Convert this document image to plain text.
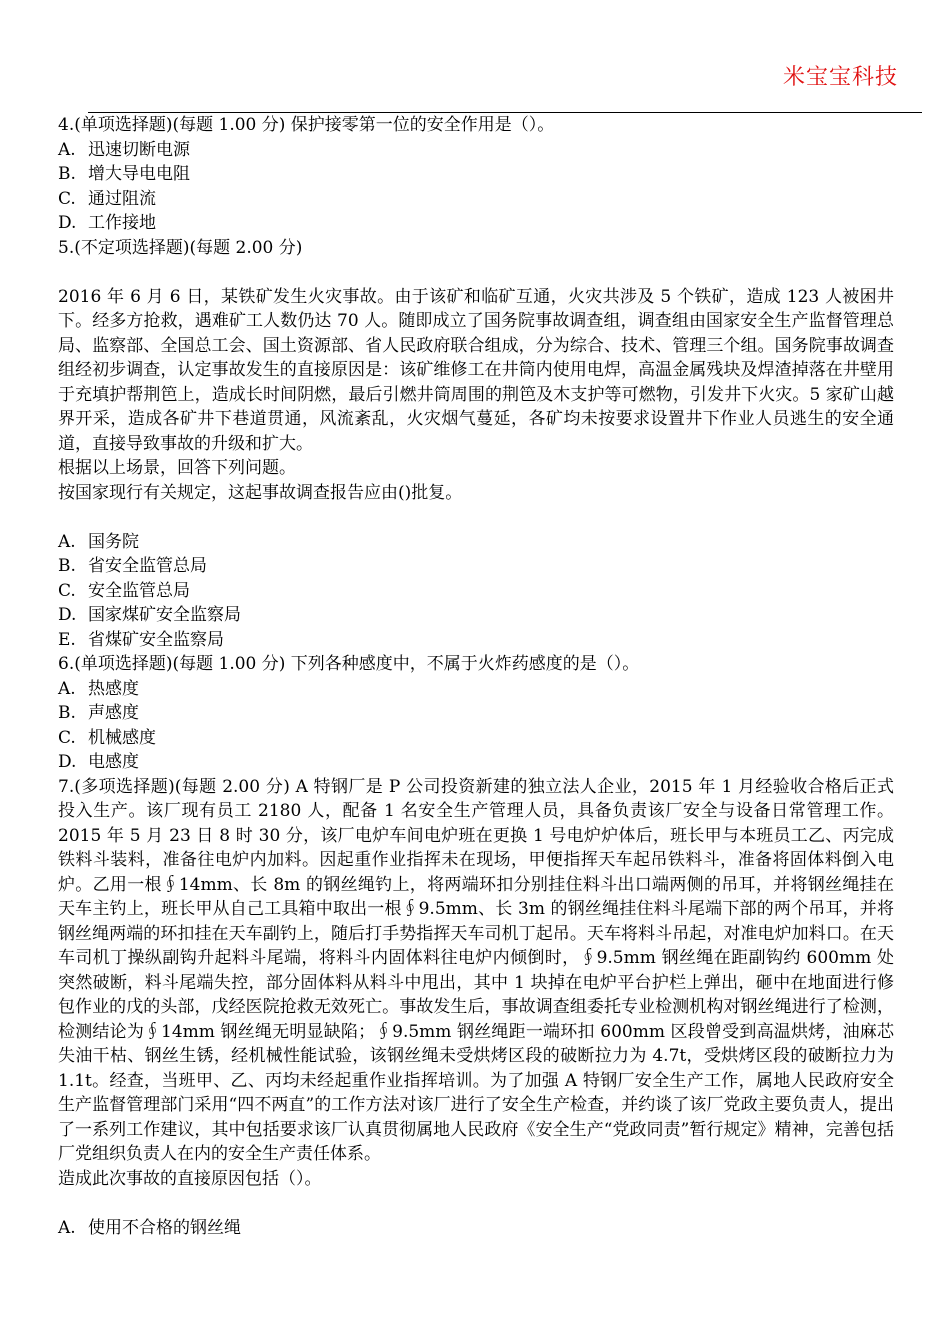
米宝宝科技
4.(单项选择题)(每题 1.00 分) 保护接零第一位的安全作用是（）。
A. 迅速切断电源
B. 增大导电电阻
C. 通过阻流
D. 工作接地
5.(不定项选择题)(每题 2.00 分)
2016 年 6 月 6 日，某铁矿发生火灾事故。由于该矿和临矿互通，火灾共涉及 5 个铁矿，造成 123 人被困井下。经多方抢救，遇难矿工人数仍达 70 人。随即成立了国务院事故调查组，调查组由国家安全生产监督管理总局、监察部、全国总工会、国土资源部、省人民政府联合组成，分为综合、技术、管理三个组。国务院事故调查组经初步调查，认定事故发生的直接原因是：该矿维修工在井筒内使用电焊，高温金属残块及焊渣掉落在井壁用于充填护帮荆笆上，造成长时间阴燃，最后引燃井筒周围的荆笆及木支护等可燃物，引发井下火灾。5 家矿山越界开采，造成各矿井下巷道贯通，风流紊乱，火灾烟气蔓延，各矿均未按要求设置井下作业人员逃生的安全通道，直接导致事故的升级和扩大。
根据以上场景，回答下列问题。
按国家现行有关规定，这起事故调查报告应由()批复。
A. 国务院
B. 省安全监管总局
C. 安全监管总局
D. 国家煤矿安全监察局
E. 省煤矿安全监察局
6.(单项选择题)(每题 1.00 分) 下列各种感度中，不属于火炸药感度的是（）。
A. 热感度
B. 声感度
C. 机械感度
D. 电感度
7.(多项选择题)(每题 2.00 分) A 特钢厂是 P 公司投资新建的独立法人企业，2015 年 1 月经验收合格后正式投入生产。该厂现有员工 2180 人，配备 1 名安全生产管理人员，具备负责该厂安全与设备日常管理工作。2015 年 5 月 23 日 8 时 30 分，该厂电炉车间电炉班在更换 1 号电炉炉体后，班长甲与本班员工乙、丙完成铁料斗装料，准备往电炉内加料。因起重作业指挥未在现场，甲便指挥天车起吊铁料斗，准备将固体料倒入电炉。乙用一根∮14mm、长 8m 的钢丝绳钓上，将两端环扣分别挂住料斗出口端两侧的吊耳，并将钢丝绳挂在天车主钓上，班长甲从自己工具箱中取出一根∮9.5mm、长 3m 的钢丝绳挂住料斗尾端下部的两个吊耳，并将钢丝绳两端的环扣挂在天车副钓上，随后打手势指挥天车司机丁起吊。天车将料斗吊起，对准电炉加料口。在天车司机丁操纵副钩升起料斗尾端，将料斗内固体料往电炉内倾倒时，∮9.5mm 钢丝绳在距副钩约 600mm 处突然破断，料斗尾端失控，部分固体料从料斗中甩出，其中 1 块掉在电炉平台护栏上弹出，砸中在地面进行修包作业的戊的头部，戊经医院抢救无效死亡。事故发生后，事故调查组委托专业检测机构对钢丝绳进行了检测，检测结论为∮14mm 钢丝绳无明显缺陷；∮9.5mm 钢丝绳距一端环扣 600mm 区段曾受到高温烘烤，油麻芯失油干枯、钢丝生锈，经机械性能试验，该钢丝绳未受烘烤区段的破断拉力为 4.7t，受烘烤区段的破断拉力为 1.1t。经查，当班甲、乙、丙均未经起重作业指挥培训。为了加强 A 特钢厂安全生产工作，属地人民政府安全生产监督管理部门采用“四不两直”的工作方法对该厂进行了安全生产检查，并约谈了该厂党政主要负责人，提出了一系列工作建议，其中包括要求该厂认真贯彻属地人民政府《安全生产“党政同责”暂行规定》精神，完善包括厂党组织负责人在内的安全生产责任体系。
造成此次事故的直接原因包括（）。
A. 使用不合格的钢丝绳
